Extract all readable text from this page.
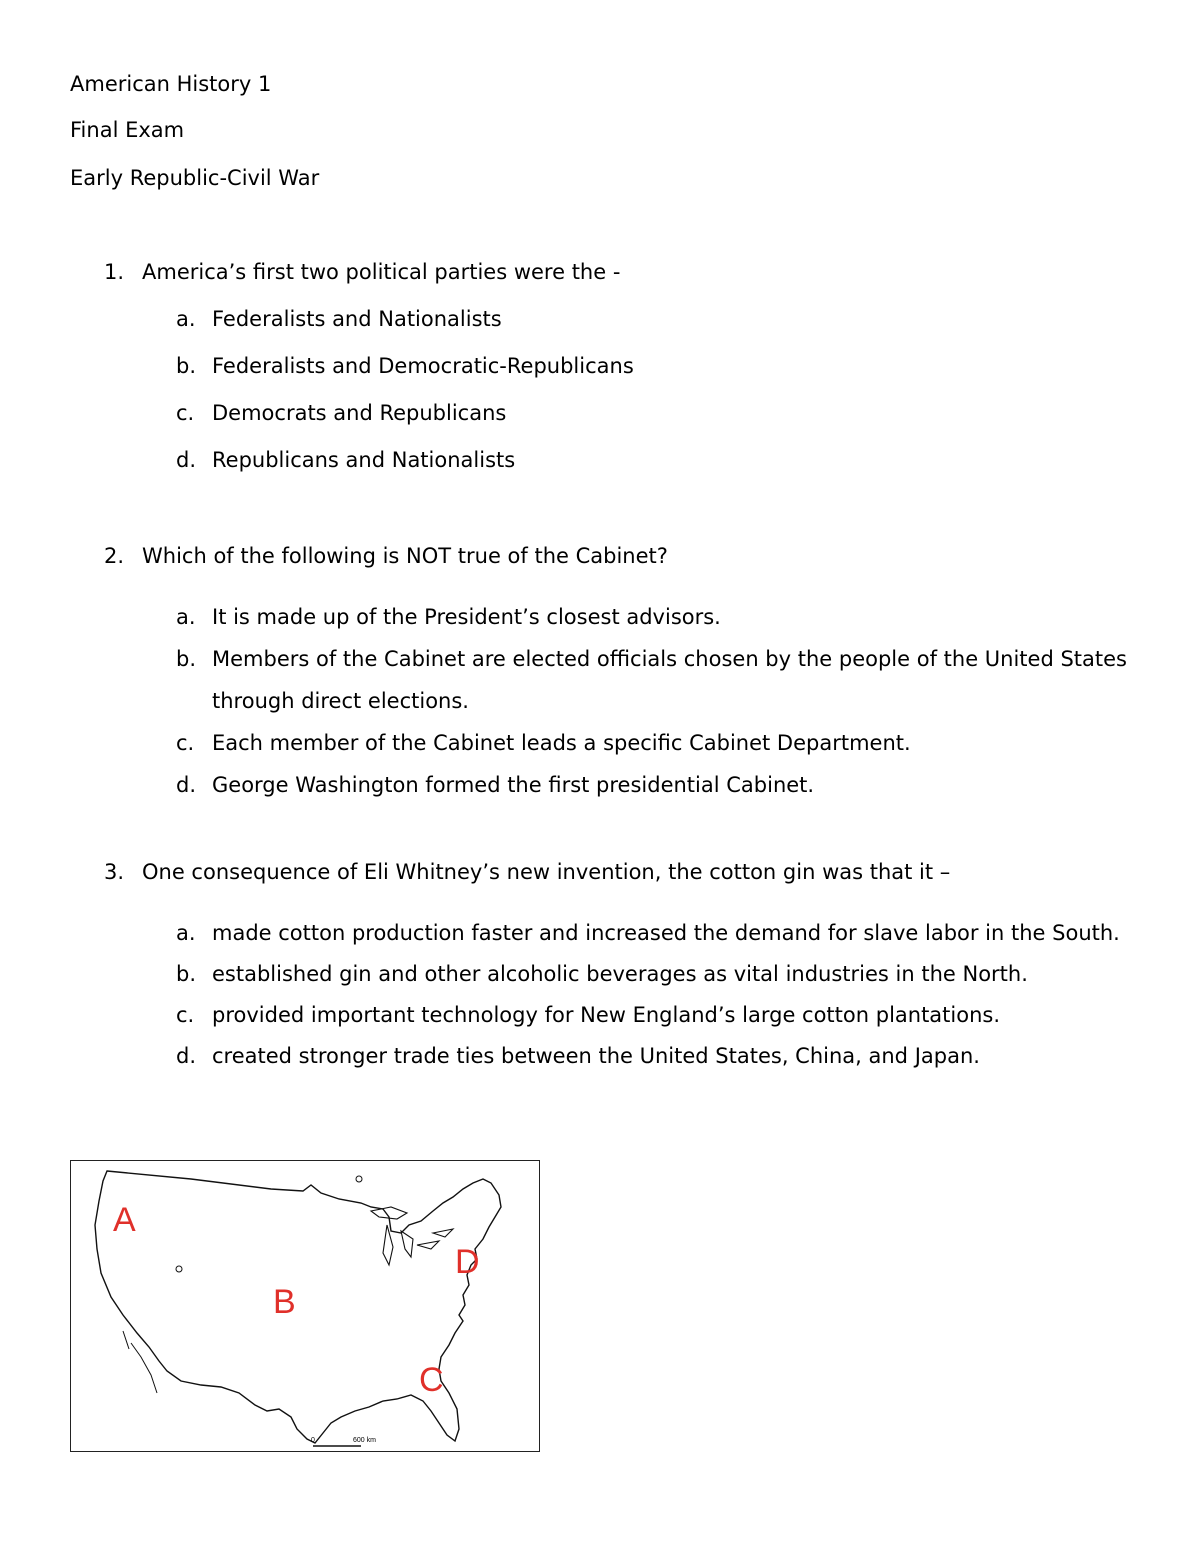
American History 1
Final Exam
Early Republic-Civil War
1. America’s first two political parties were the -
a. Federalists and Nationalists
b. Federalists and Democratic-Republicans
c. Democrats and Republicans
d. Republicans and Nationalists
2. Which of the following is NOT true of the Cabinet?
a. It is made up of the President’s closest advisors.
b. Members of the Cabinet are elected officials chosen by the people of the United States through direct elections.
c. Each member of the Cabinet leads a specific Cabinet Department.
d. George Washington formed the first presidential Cabinet.
3. One consequence of Eli Whitney’s new invention, the cotton gin was that it –
a. made cotton production faster and increased the demand for slave labor in the South.
b. established gin and other alcoholic beverages as vital industries in the North.
c. provided important technology for New England’s large cotton plantations.
d. created stronger trade ties between the United States, China, and Japan.
0	600 km
A
B
C
D
